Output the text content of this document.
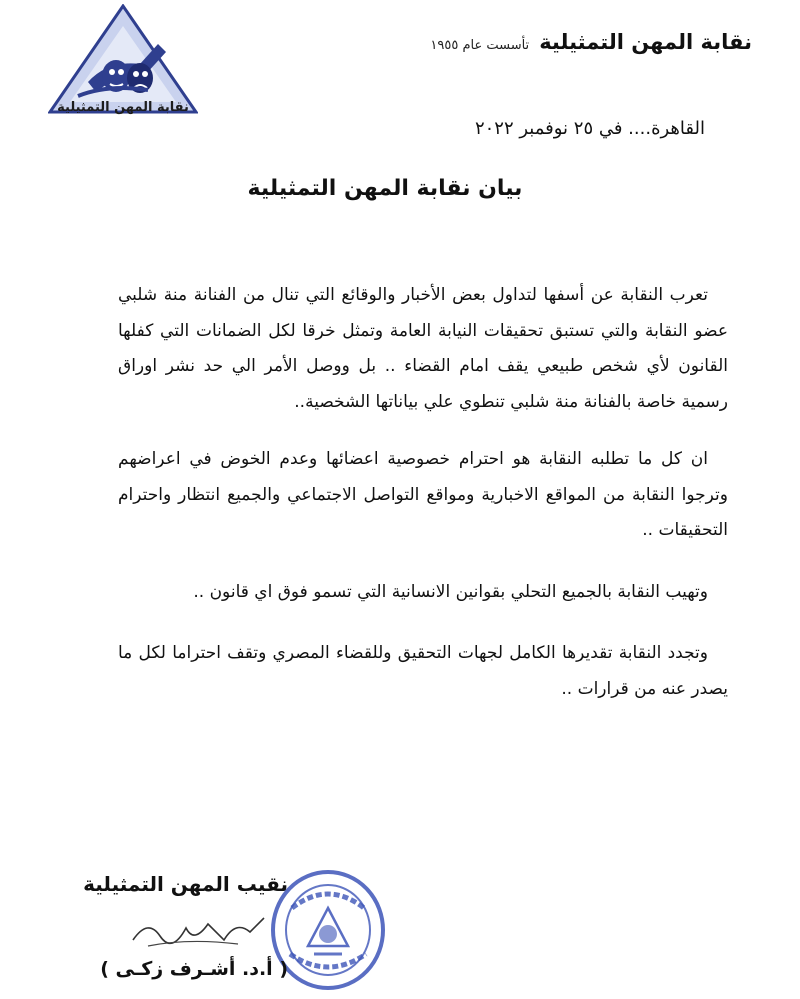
نقابة المهن التمثيلية
نقابة المهن التمثيلية
تأسست عام ١٩٥٥
القاهرة.... في ٢٥ نوفمبر ٢٠٢٢
بيان نقابة المهن التمثيلية

تعرب النقابة عن أسفها لتداول بعض الأخبار والوقائع التي تنال من الفنانة منة شلبي عضو النقابة والتي تستبق تحقيقات النيابة العامة وتمثل خرقا لكل الضمانات التي كفلها القانون لأي شخص طبيعي يقف امام القضاء .. بل ووصل الأمر الي حد نشر اوراق رسمية خاصة بالفنانة منة شلبي تنطوي علي بياناتها الشخصية..

ان كل ما تطلبه النقابة هو احترام خصوصية اعضائها وعدم الخوض في اعراضهم وترجوا النقابة من المواقع الاخبارية ومواقع التواصل الاجتماعي والجميع انتظار واحترام التحقيقات ..

وتهيب النقابة بالجميع التحلي بقوانين الانسانية التي تسمو فوق اي قانون ..

وتجدد النقابة تقديرها الكامل لجهات التحقيق وللقضاء المصري وتقف احتراما لكل ما يصدر عنه من قرارات ..

نقيب المهن التمثيلية
( أ.د. أشـرف زكـى )
